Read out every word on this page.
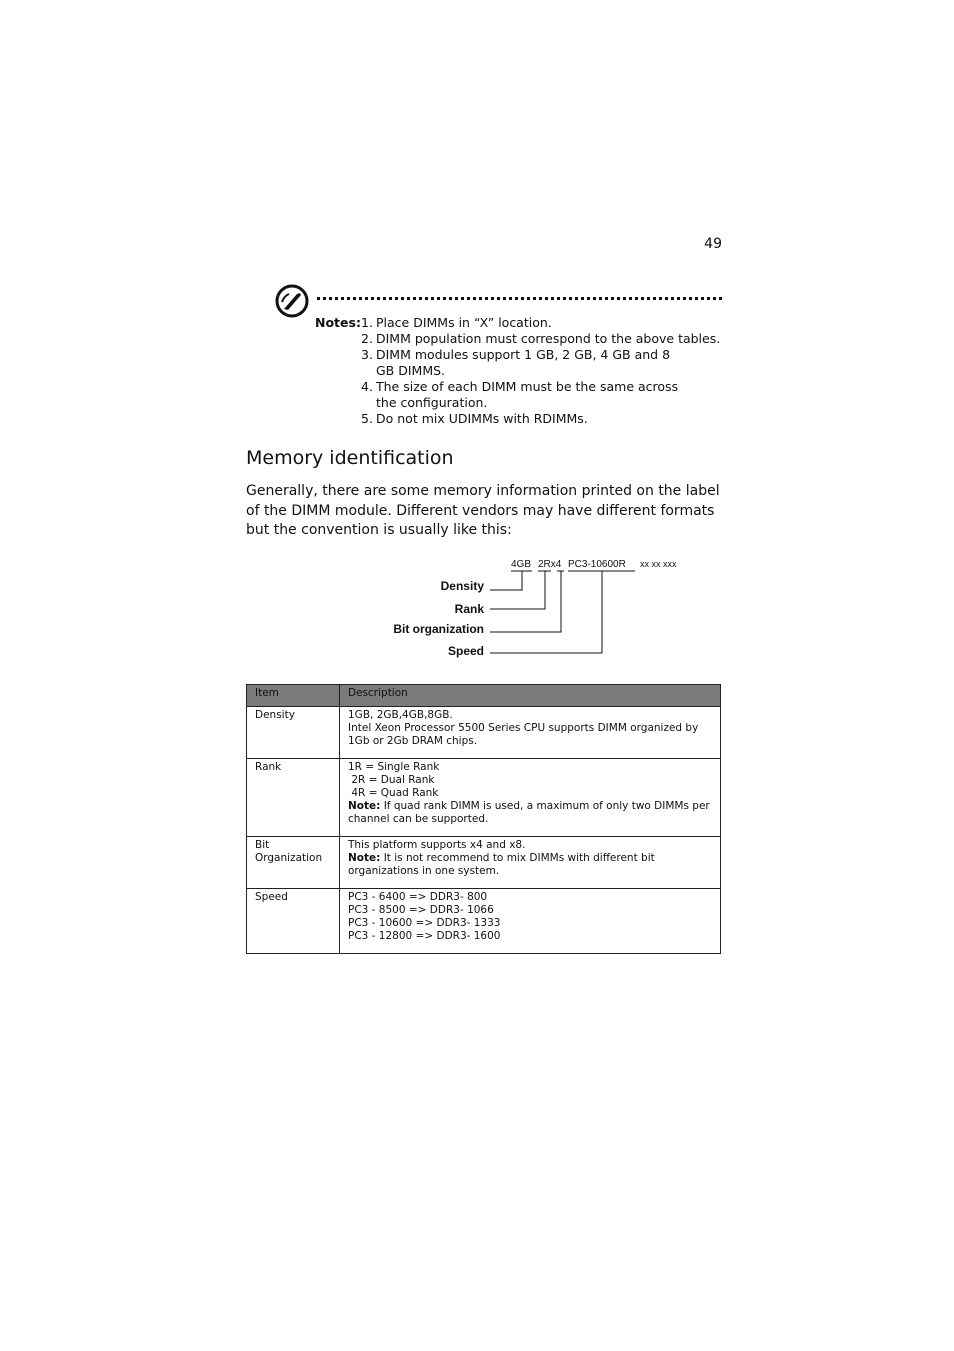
49
Notes: 1. Place DIMMs in “X” location.
2. DIMM population must correspond to the above tables.
3. DIMM modules support 1 GB, 2 GB, 4 GB and 8 GB DIMMS.
4. The size of each DIMM must be the same across the configuration.
5. Do not mix UDIMMs with RDIMMs.
Memory identification

Generally, there are some memory information printed on the label of the DIMM module. Different vendors may have different formats but the convention is usually like this:

4GB 2Rx4 PC3-10600R xx xx xxx
Density
Rank
Bit organization
Speed
Item	Description
Density	1GB, 2GB,4GB,8GB.
Intel Xeon Processor 5500 Series CPU supports DIMM organized by 1Gb or 2Gb DRAM chips.

Rank	1R = Single Rank
2R = Dual Rank
4R = Quad Rank
Note: If quad rank DIMM is used, a maximum of only two DIMMs per channel can be supported.

Bit Organization	This platform supports x4 and x8.
Note: It is not recommend to mix DIMMs with different bit organizations in one system.

Speed	PC3 - 6400 => DDR3- 800
PC3 - 8500 => DDR3- 1066
PC3 - 10600 => DDR3- 1333
PC3 - 12800 => DDR3- 1600
